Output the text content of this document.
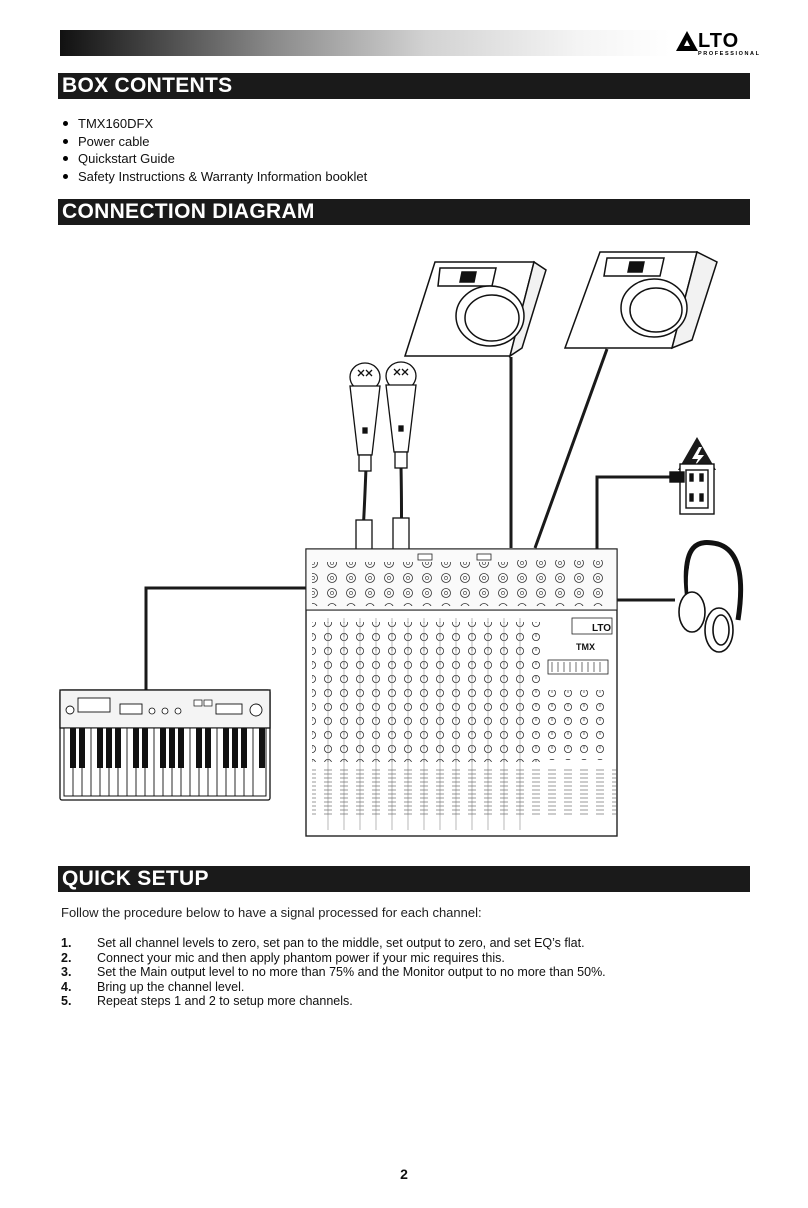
LTO
PROFESSIONAL
BOX CONTENTS
TMX160DFX
Power cable
Quickstart Guide
Safety Instructions & Warranty Information booklet
CONNECTION DIAGRAM
LTO
TMX
QUICK SETUP
Follow the procedure below to have a signal processed for each channel:
1.	Set all channel levels to zero, set pan to the middle, set output to zero, and set EQ’s flat.
2.	Connect your mic and then apply phantom power if your mic requires this.
3.	Set the Main output level to no more than 75% and the Monitor output to no more than 50%.
4.	Bring up the channel level.
5.	Repeat steps 1 and 2 to setup more channels.
2
